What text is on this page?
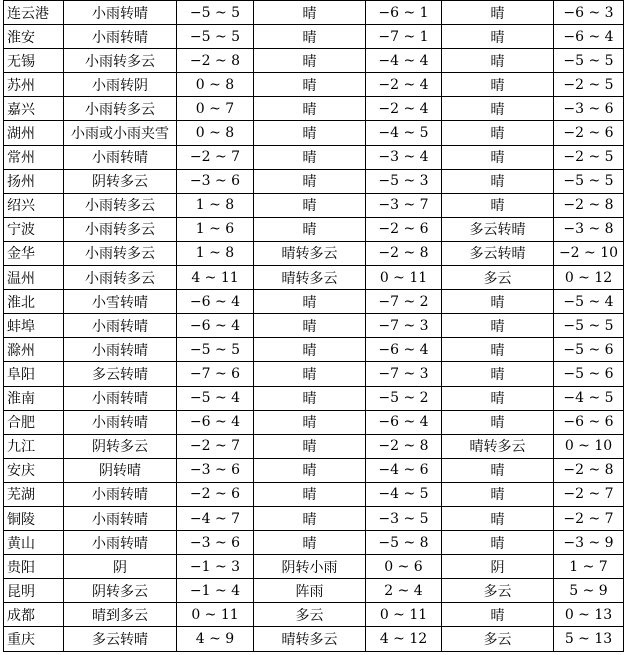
连云港	小雨转晴	−5 ~ 5	晴	−6 ~ 1	晴	−6 ~ 3
淮安	小雨转晴	−5 ~ 5	晴	−7 ~ 1	晴	−6 ~ 4
无锡	小雨转多云	−2 ~ 8	晴	−4 ~ 4	晴	−5 ~ 5
苏州	小雨转阴	0 ~ 8	晴	−2 ~ 4	晴	−2 ~ 5
嘉兴	小雨转多云	0 ~ 7	晴	−2 ~ 4	晴	−3 ~ 6
湖州	小雨或小雨夹雪	0 ~ 8	晴	−4 ~ 5	晴	−2 ~ 6
常州	小雨转晴	−2 ~ 7	晴	−3 ~ 4	晴	−2 ~ 5
扬州	阴转多云	−3 ~ 6	晴	−5 ~ 3	晴	−5 ~ 5
绍兴	小雨转多云	1 ~ 8	晴	−3 ~ 7	晴	−2 ~ 8
宁波	小雨转多云	1 ~ 6	晴	−2 ~ 6	多云转晴	−3 ~ 8
金华	小雨转多云	1 ~ 8	晴转多云	−2 ~ 8	多云转晴	−2 ~ 10
温州	小雨转多云	4 ~ 11	晴转多云	0 ~ 11	多云	0 ~ 12
淮北	小雪转晴	−6 ~ 4	晴	−7 ~ 2	晴	−5 ~ 4
蚌埠	小雨转晴	−6 ~ 4	晴	−7 ~ 3	晴	−5 ~ 5
滁州	小雨转晴	−5 ~ 5	晴	−6 ~ 4	晴	−5 ~ 6
阜阳	多云转晴	−7 ~ 6	晴	−7 ~ 3	晴	−5 ~ 6
淮南	小雨转晴	−5 ~ 4	晴	−5 ~ 2	晴	−4 ~ 5
合肥	小雨转晴	−6 ~ 4	晴	−6 ~ 4	晴	−6 ~ 6
九江	阴转多云	−2 ~ 7	晴	−2 ~ 8	晴转多云	0 ~ 10
安庆	阴转晴	−3 ~ 6	晴	−4 ~ 6	晴	−2 ~ 8
芜湖	小雨转晴	−2 ~ 6	晴	−4 ~ 5	晴	−2 ~ 7
铜陵	小雨转晴	−4 ~ 7	晴	−3 ~ 5	晴	−2 ~ 7
黄山	小雨转晴	−3 ~ 6	晴	−5 ~ 8	晴	−3 ~ 9
贵阳	阴	−1 ~ 3	阴转小雨	0 ~ 6	阴	1 ~ 7
昆明	阴转多云	−1 ~ 4	阵雨	2 ~ 4	多云	5 ~ 9
成都	晴到多云	0 ~ 11	多云	0 ~ 11	晴	0 ~ 13
重庆	多云转晴	4 ~ 9	晴转多云	4 ~ 12	多云	5 ~ 13
